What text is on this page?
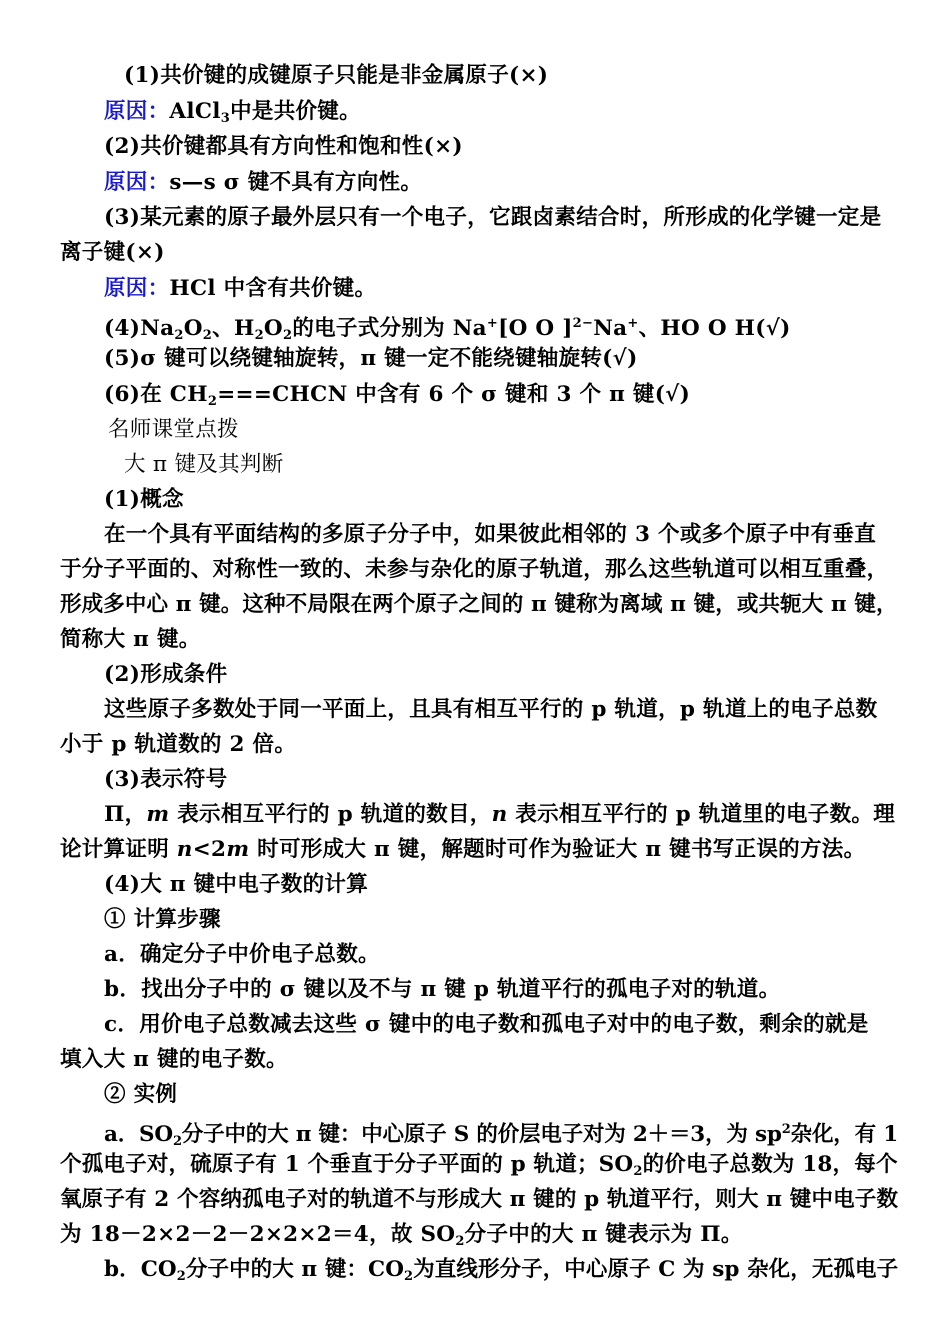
(1)共价键的成键原子只能是非金属原子(×)
原因：AlCl$_3$中是共价键。
(2)共价键都具有方向性和饱和性(×)
原因：s—s σ 键不具有方向性。
(3)某元素的原子最外层只有一个电子，它跟卤素结合时，所形成的化学键一定是
离子键(×)
原因：HCl 中含有共价键。
$(4)Na_2O_2$、$H_2O_2$的电子式分别为 Na+[O O ]$^{2-}$Na+、HO O H(√)
(5)σ 键可以绕键轴旋转，π 键一定不能绕键轴旋转(√)
(6)在 $CH_2===CHCN$ 中含有 6 个 σ 键和 3 个 π 键(√)
名师课堂点拨
大 π 键及其判断
(1)概念
在一个具有平面结构的多原子分子中，如果彼此相邻的 3 个或多个原子中有垂直
于分子平面的、对称性一致的、未参与杂化的原子轨道，那么这些轨道可以相互重叠，
形成多中心 π 键。这种不局限在两个原子之间的 π 键称为离域 π 键，或共轭大 π 键，
简称大 π 键。
(2)形成条件
这些原子多数处于同一平面上，且具有相互平行的 p 轨道，p 轨道上的电子总数
小于 p 轨道数的 2 倍。
(3)表示符号
Π，m 表示相互平行的 p 轨道的数目，n 表示相互平行的 p 轨道里的电子数。理
论计算证明 n<2m 时可形成大 π 键，解题时可作为验证大 π 键书写正误的方法。
(4)大 π 键中电子数的计算
① 计算步骤
a．确定分子中价电子总数。
b．找出分子中的 σ 键以及不与 π 键 p 轨道平行的孤电子对的轨道。
c．用价电子总数减去这些 σ 键中的电子数和孤电子对中的电子数，剩余的就是
填入大 π 键的电子数。
② 实例
a．$SO_2$分子中的大 π 键：中心原子 S 的价层电子对为 2＋＝3，为 $sp^2$杂化，有 1
个孤电子对，硫原子有 1 个垂直于分子平面的 p 轨道；$SO_2$的价电子总数为 18，每个
氧原子有 2 个容纳孤电子对的轨道不与形成大 π 键的 p 轨道平行，则大 π 键中电子数
为 18－2×2－2－2×2×2＝4，故 $SO_2$分子中的大 π 键表示为 Π。
b．$CO_2$分子中的大 π 键：$CO_2$为直线形分子，中心原子 C 为 sp 杂化，无孤电子
